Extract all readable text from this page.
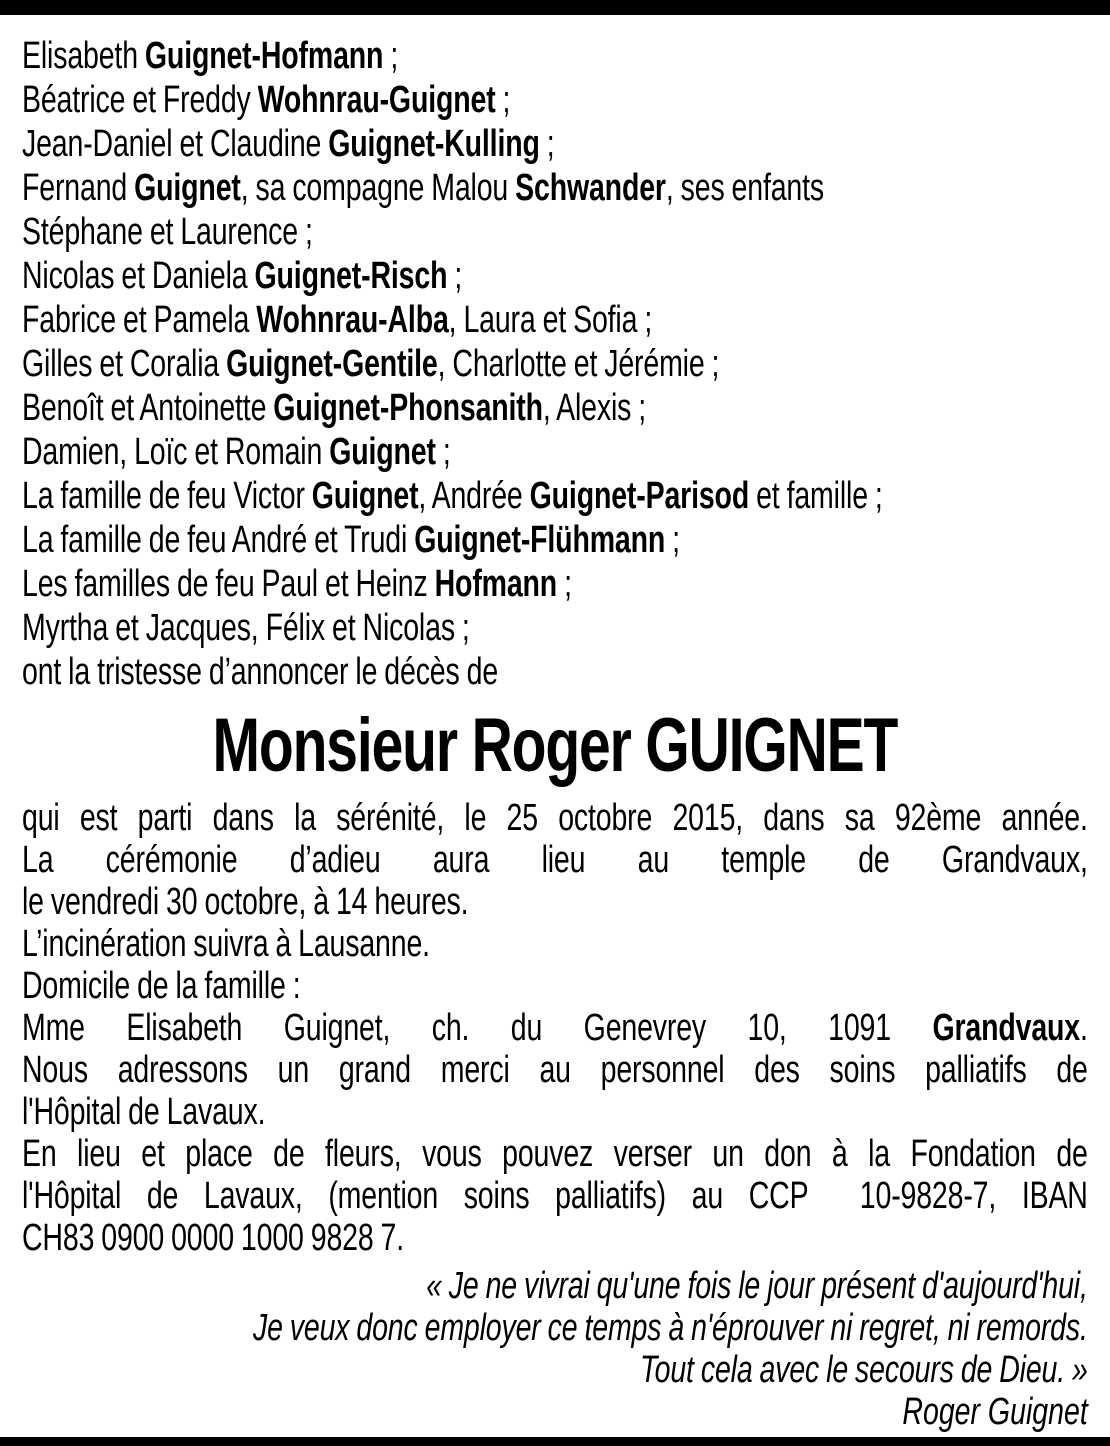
Elisabeth Guignet-Hofmann ;
Béatrice et Freddy Wohnrau-Guignet ;
Jean-Daniel et Claudine Guignet-Kulling ;
Fernand Guignet, sa compagne Malou Schwander, ses enfants
Stéphane et Laurence ;
Nicolas et Daniela Guignet-Risch ;
Fabrice et Pamela Wohnrau-Alba, Laura et Sofia ;
Gilles et Coralia Guignet-Gentile, Charlotte et Jérémie ;
Benoît et Antoinette Guignet-Phonsanith, Alexis ;
Damien, Loïc et Romain Guignet ;
La famille de feu Victor Guignet, Andrée Guignet-Parisod et famille ;
La famille de feu André et Trudi Guignet-Flühmann ;
Les familles de feu Paul et Heinz Hofmann ;
Myrtha et Jacques, Félix et Nicolas ;
ont la tristesse d’annoncer le décès de
Monsieur Roger GUIGNET
qui est parti dans la sérénité, le 25 octobre 2015, dans sa 92ème année.
La cérémonie d’adieu aura lieu au temple de Grandvaux,
le vendredi 30 octobre, à 14 heures.
L’incinération suivra à Lausanne.
Domicile de la famille :
Mme Elisabeth Guignet, ch. du Genevrey 10, 1091 Grandvaux.
Nous adressons un grand merci au personnel des soins palliatifs de
l'Hôpital de Lavaux.
En lieu et place de fleurs, vous pouvez verser un don à la Fondation de
l'Hôpital de Lavaux, (mention soins palliatifs) au CCP  10-9828-7, IBAN
CH83 0900 0000 1000 9828 7.
« Je ne vivrai qu'une fois le jour présent d'aujourd'hui,
Je veux donc employer ce temps à n'éprouver ni regret, ni remords.
Tout cela avec le secours de Dieu. »
Roger Guignet
